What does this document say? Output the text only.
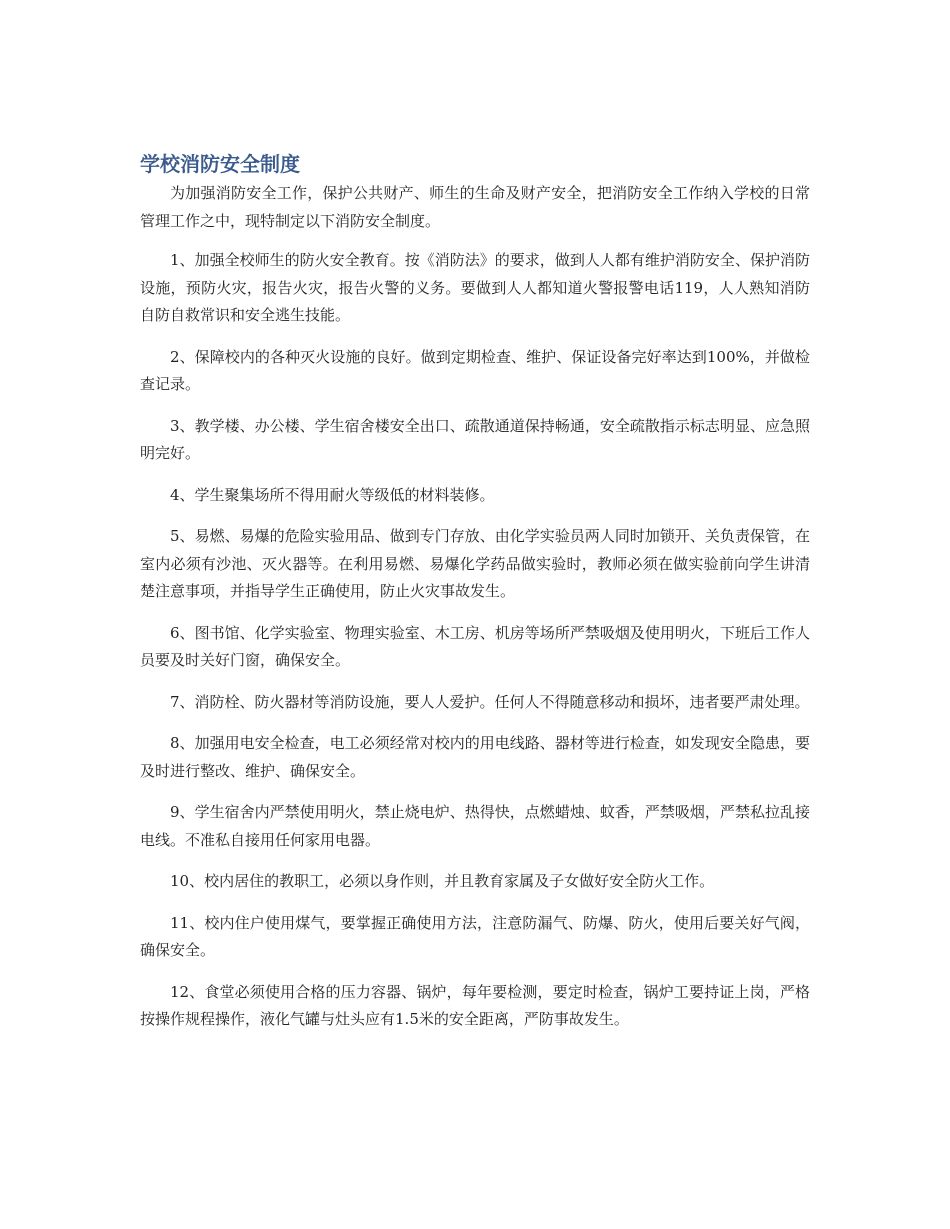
学校消防安全制度

为加强消防安全工作，保护公共财产、师生的生命及财产安全，把消防安全工作纳入学校的日常管理工作之中，现特制定以下消防安全制度。

1、加强全校师生的防火安全教育。按《消防法》的要求，做到人人都有维护消防安全、保护消防设施，预防火灾，报告火灾，报告火警的义务。要做到人人都知道火警报警电话119，人人熟知消防自防自救常识和安全逃生技能。

2、保障校内的各种灭火设施的良好。做到定期检查、维护、保证设备完好率达到100%，并做检查记录。

3、教学楼、办公楼、学生宿舍楼安全出口、疏散通道保持畅通，安全疏散指示标志明显、应急照明完好。

4、学生聚集场所不得用耐火等级低的材料装修。

5、易燃、易爆的危险实验用品、做到专门存放、由化学实验员两人同时加锁开、关负责保管，在室内必须有沙池、灭火器等。在利用易燃、易爆化学药品做实验时，教师必须在做实验前向学生讲清楚注意事项，并指导学生正确使用，防止火灾事故发生。

6、图书馆、化学实验室、物理实验室、木工房、机房等场所严禁吸烟及使用明火，下班后工作人员要及时关好门窗，确保安全。

7、消防栓、防火器材等消防设施，要人人爱护。任何人不得随意移动和损坏，违者要严肃处理。

8、加强用电安全检查，电工必须经常对校内的用电线路、器材等进行检查，如发现安全隐患，要及时进行整改、维护、确保安全。

9、学生宿舍内严禁使用明火，禁止烧电炉、热得快，点燃蜡烛、蚊香，严禁吸烟，严禁私拉乱接电线。不准私自接用任何家用电器。

10、校内居住的教职工，必须以身作则，并且教育家属及子女做好安全防火工作。

11、校内住户使用煤气，要掌握正确使用方法，注意防漏气、防爆、防火，使用后要关好气阀，确保安全。

12、食堂必须使用合格的压力容器、锅炉，每年要检测，要定时检查，锅炉工要持证上岗，严格按操作规程操作，液化气罐与灶头应有1.5米的安全距离，严防事故发生。
